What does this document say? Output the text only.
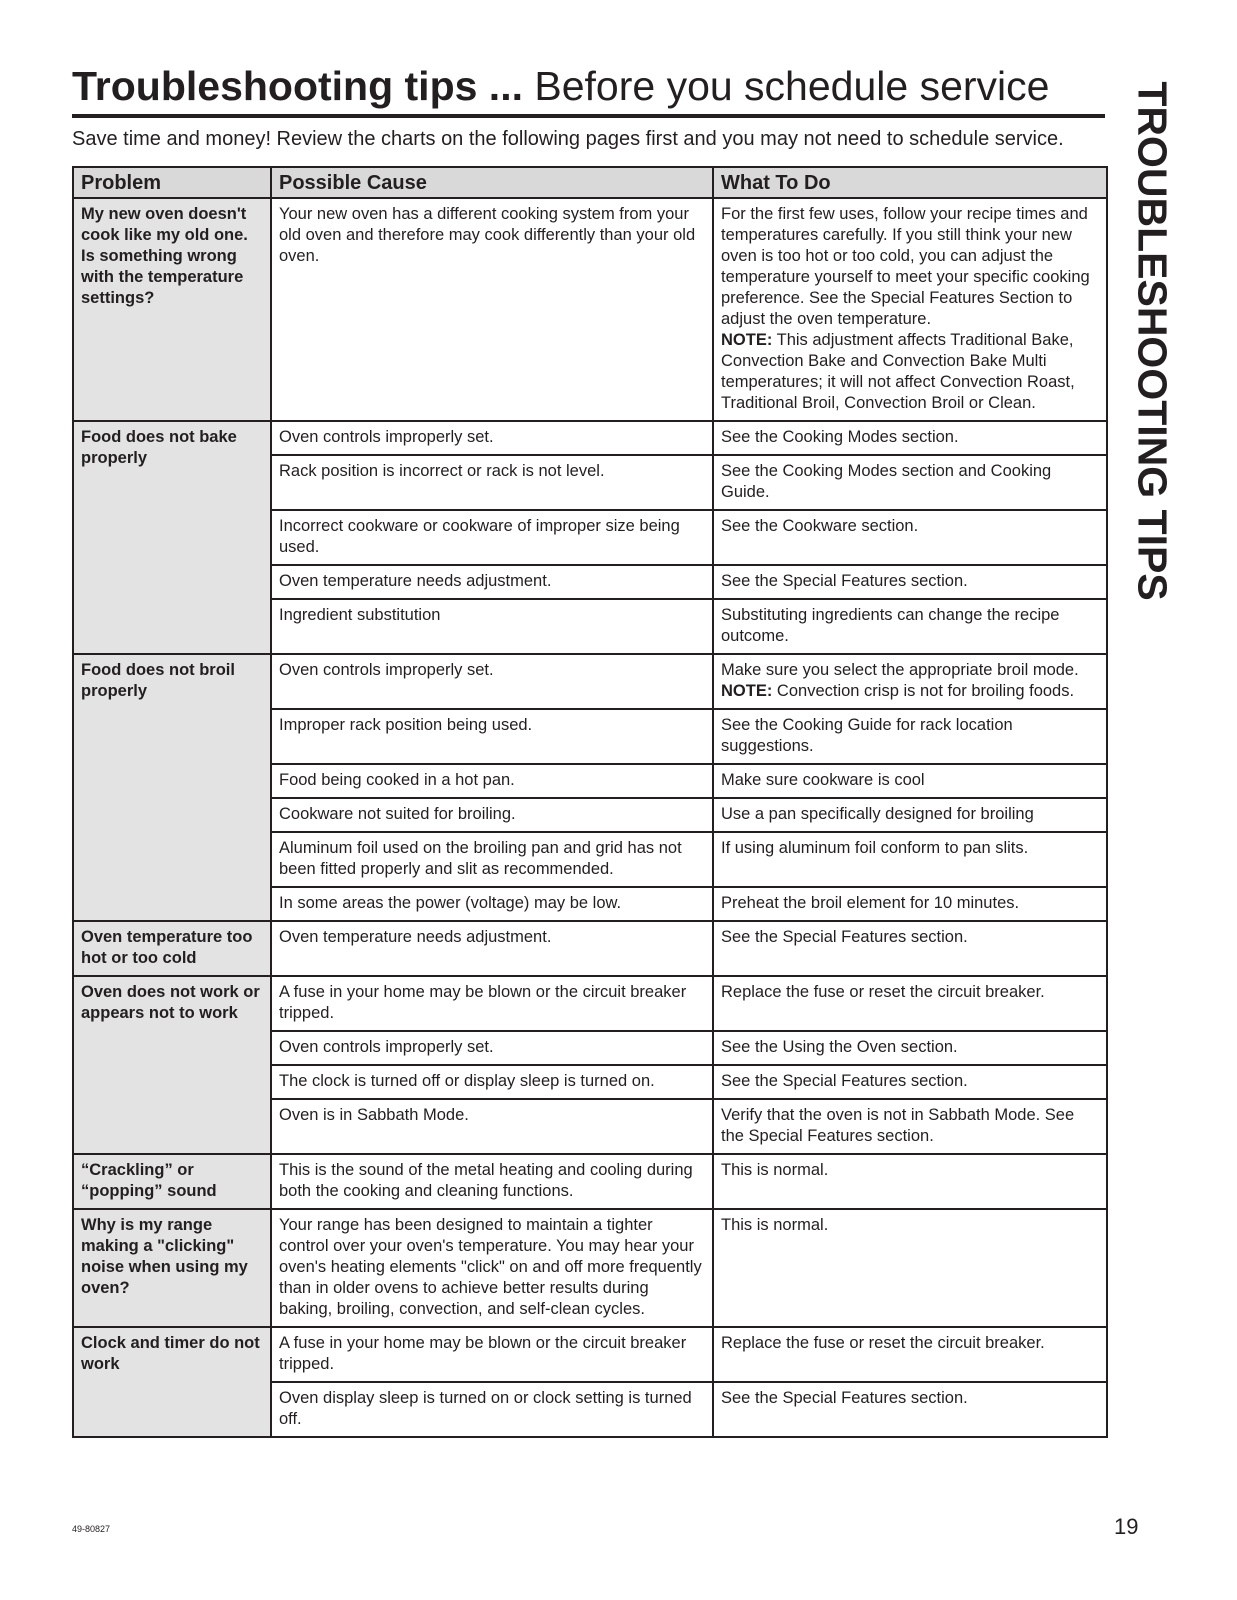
Troubleshooting tips ... Before you schedule service
Save time and money! Review the charts on the following pages first and you may not need to schedule service. TROUBLESHOOTING TIPS
Problem	Possible Cause	What To Do
My new oven doesn't cook like my old one. Is something wrong with the temperature settings?	Your new oven has a different cooking system from your old oven and therefore may cook differently than your old oven.	For the first few uses, follow your recipe times and temperatures carefully. If you still think your new oven is too hot or too cold, you can adjust the temperature yourself to meet your specific cooking preference. See the Special Features Section to adjust the oven temperature.
NOTE: This adjustment affects Traditional Bake, Convection Bake and Convection Bake Multi temperatures; it will not affect Convection Roast, Traditional Broil, Convection Broil or Clean.
Food does not bake properly	Oven controls improperly set.	See the Cooking Modes section.
	Rack position is incorrect or rack is not level.	See the Cooking Modes section and Cooking Guide.
	Incorrect cookware or cookware of improper size being used.	See the Cookware section.
	Oven temperature needs adjustment.	See the Special Features section.
	Ingredient substitution	Substituting ingredients can change the recipe outcome.
Food does not broil properly	Oven controls improperly set.	Make sure you select the appropriate broil mode. NOTE: Convection crisp is not for broiling foods.
	Improper rack position being used.	See the Cooking Guide for rack location suggestions.
	Food being cooked in a hot pan.	Make sure cookware is cool
	Cookware not suited for broiling.	Use a pan specifically designed for broiling
	Aluminum foil used on the broiling pan and grid has not been fitted properly and slit as recommended.	If using aluminum foil conform to pan slits.
	In some areas the power (voltage) may be low.	Preheat the broil element for 10 minutes.
Oven temperature too hot or too cold	Oven temperature needs adjustment.	See the Special Features section.
Oven does not work or appears not to work	A fuse in your home may be blown or the circuit breaker tripped.	Replace the fuse or reset the circuit breaker.
	Oven controls improperly set.	See the Using the Oven section.
	The clock is turned off or display sleep is turned on.	See the Special Features section.
	Oven is in Sabbath Mode.	Verify that the oven is not in Sabbath Mode. See the Special Features section.
“Crackling” or “popping” sound	This is the sound of the metal heating and cooling during both the cooking and cleaning functions.	This is normal.
Why is my range making a "clicking" noise when using my oven?	Your range has been designed to maintain a tighter control over your oven's temperature. You may hear your oven's heating elements "click" on and off more frequently than in older ovens to achieve better results during baking, broiling, convection, and self-clean cycles.	This is normal.
Clock and timer do not work	A fuse in your home may be blown or the circuit breaker tripped.	Replace the fuse or reset the circuit breaker.
	Oven display sleep is turned on or clock setting is turned off.	See the Special Features section.
49-80827	19
